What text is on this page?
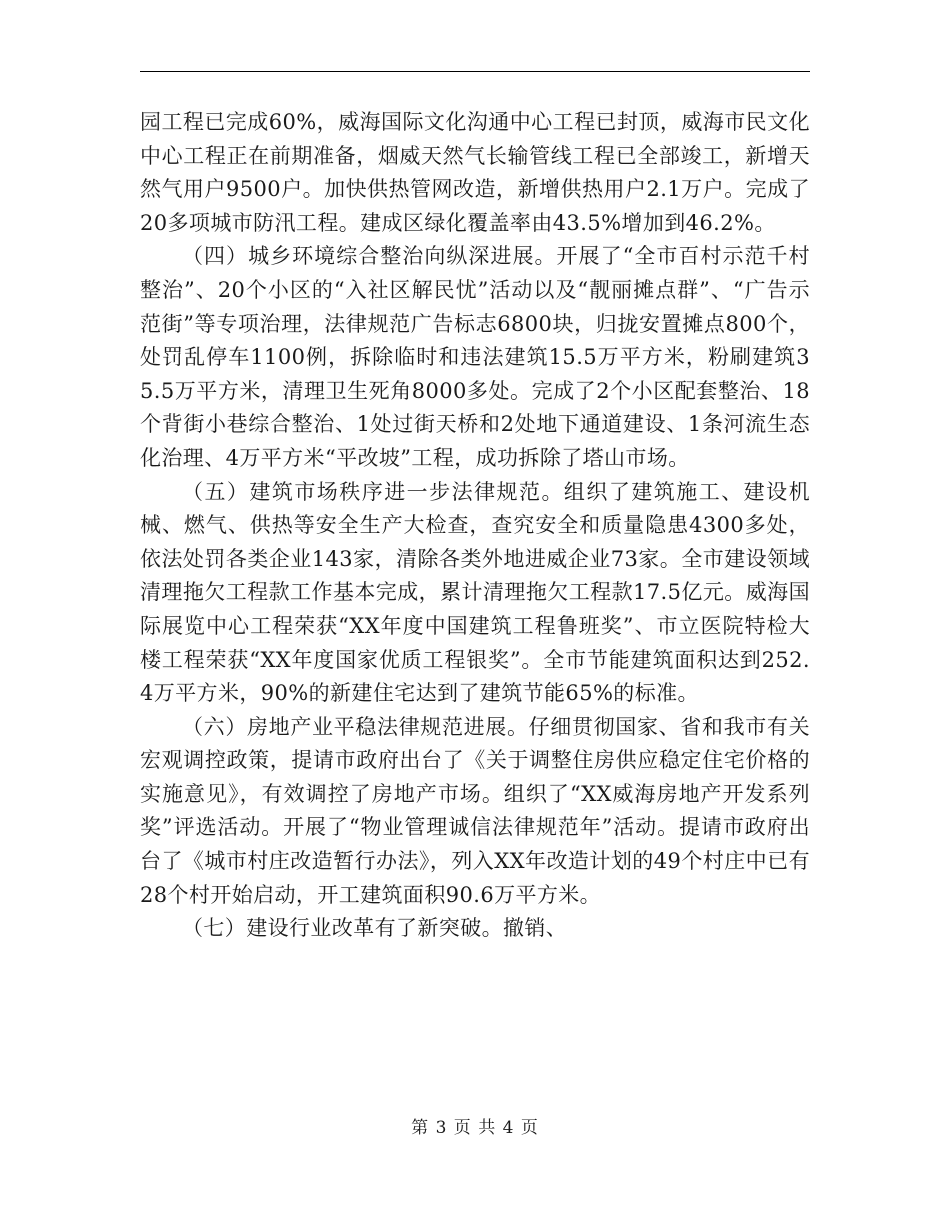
园工程已完成60%，威海国际文化沟通中心工程已封顶，威海市民文化中心工程正在前期准备，烟威天然气长输管线工程已全部竣工，新增天然气用户9500户。加快供热管网改造，新增供热用户2.1万户。完成了20多项城市防汛工程。建成区绿化覆盖率由43.5%增加到46.2%。

（四）城乡环境综合整治向纵深进展。开展了“全市百村示范千村整治”、20个小区的“入社区解民忧”活动以及“靓丽摊点群”、“广告示范街”等专项治理，法律规范广告标志6800块，归拢安置摊点800个，处罚乱停车1100例，拆除临时和违法建筑15.5万平方米，粉刷建筑35.5万平方米，清理卫生死角8000多处。完成了2个小区配套整治、18个背街小巷综合整治、1处过街天桥和2处地下通道建设、1条河流生态化治理、4万平方米“平改坡”工程，成功拆除了塔山市场。

（五）建筑市场秩序进一步法律规范。组织了建筑施工、建设机械、燃气、供热等安全生产大检查，查究安全和质量隐患4300多处，依法处罚各类企业143家，清除各类外地进威企业73家。全市建设领域清理拖欠工程款工作基本完成，累计清理拖欠工程款17.5亿元。威海国际展览中心工程荣获“XX年度中国建筑工程鲁班奖”、市立医院特检大楼工程荣获“XX年度国家优质工程银奖”。全市节能建筑面积达到252.4万平方米，90%的新建住宅达到了建筑节能65%的标准。

（六）房地产业平稳法律规范进展。仔细贯彻国家、省和我市有关宏观调控政策，提请市政府出台了《关于调整住房供应稳定住宅价格的实施意见》，有效调控了房地产市场。组织了“XX威海房地产开发系列奖”评选活动。开展了“物业管理诚信法律规范年”活动。提请市政府出台了《城市村庄改造暂行办法》，列入XX年改造计划的49个村庄中已有28个村开始启动，开工建筑面积90.6万平方米。

（七）建设行业改革有了新突破。撤销、

第 3 页 共 4 页
